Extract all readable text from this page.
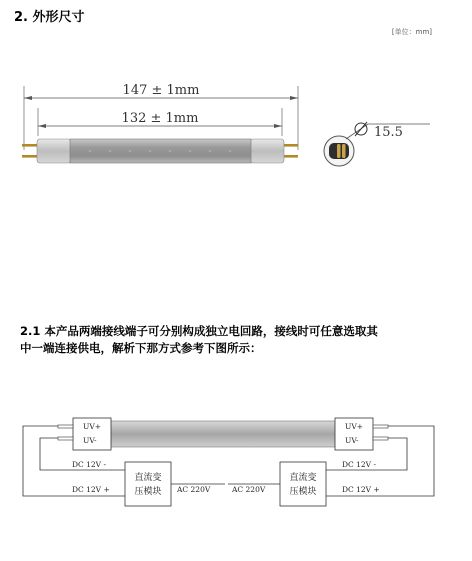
2. 外形尺寸
[单位：mm]
147 ± 1mm
132 ± 1mm
15.5
UV+
UV-
UV+
UV-
DC 12V -
DC 12V +
直流变
压模块 AC 220V
DC 12V -
DC 12V +
直流变
压模块
AC 220V
2.1 本产品两端接线端子可分别构成独立电回路，接线时可任意选取其
中一端连接供电，解析下那方式参考下图所示：
